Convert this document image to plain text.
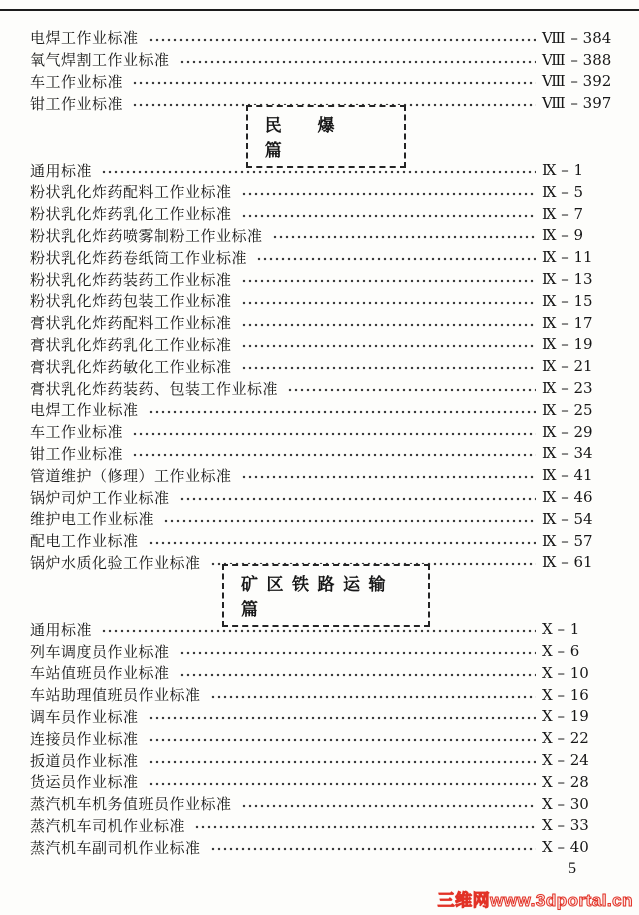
电焊工作业标准	Ⅷ – 384
氧气焊割工作业标准	Ⅷ – 388
车工作业标准	Ⅷ – 392
钳工作业标准	Ⅷ – 397
民爆篇
通用标准	Ⅸ – 1
粉状乳化炸药配料工作业标准	Ⅸ – 5
粉状乳化炸药乳化工作业标准	Ⅸ – 7
粉状乳化炸药喷雾制粉工作业标准	Ⅸ – 9
粉状乳化炸药卷纸筒工作业标准	Ⅸ – 11
粉状乳化炸药装药工作业标准	Ⅸ – 13
粉状乳化炸药包装工作业标准	Ⅸ – 15
膏状乳化炸药配料工作业标准	Ⅸ – 17
膏状乳化炸药乳化工作业标准	Ⅸ – 19
膏状乳化炸药敏化工作业标准	Ⅸ – 21
膏状乳化炸药装药、包装工作业标准	Ⅸ – 23
电焊工作业标准	Ⅸ – 25
车工作业标准	Ⅸ – 29
钳工作业标准	Ⅸ – 34
管道维护（修理）工作业标准	Ⅸ – 41
锅炉司炉工作业标准	Ⅸ – 46
维护电工作业标准	Ⅸ – 54
配电工作业标准	Ⅸ – 57
锅炉水质化验工作业标准	Ⅸ – 61
矿区铁路运输篇
通用标准	Ⅹ – 1
列车调度员作业标准	Ⅹ – 6
车站值班员作业标准	Ⅹ – 10
车站助理值班员作业标准	Ⅹ – 16
调车员作业标准	Ⅹ – 19
连接员作业标准	Ⅹ – 22
扳道员作业标准	Ⅹ – 24
货运员作业标准	Ⅹ – 28
蒸汽机车机务值班员作业标准	Ⅹ – 30
蒸汽机车司机作业标准	Ⅹ – 33
蒸汽机车副司机作业标准	Ⅹ – 40
5
三维网www.3dportal.cn
